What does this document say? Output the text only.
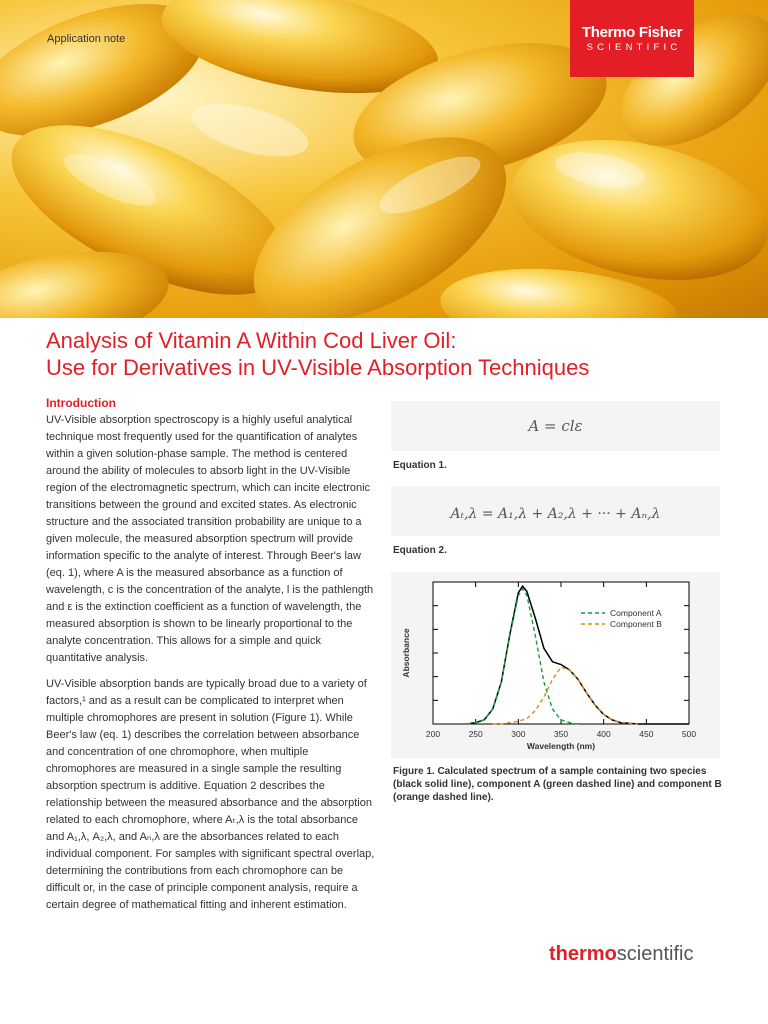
Application note	Thermo Fisher
SCIENTIFIC
Analysis of Vitamin A Within Cod Liver Oil:
Use for Derivatives in UV-Visible Absorption Techniques
Introduction

UV-Visible absorption spectroscopy is a highly useful analytical technique most frequently used for the quantification of analytes within a given solution-phase sample. The method is centered around the ability of molecules to absorb light in the UV-Visible region of the electromagnetic spectrum, which can incite electronic transitions between the ground and excited states. As electronic structure and the associated transition probability are unique to a given molecule, the measured absorption spectrum will provide information specific to the analyte of interest. Through Beer's law (eq. 1), where A is the measured absorbance as a function of wavelength, c is the concentration of the analyte, l is the pathlength and ε is the extinction coefficient as a function of wavelength, the measured absorption is shown to be linearly proportional to the analyte concentration. This allows for a simple and quick quantitative analysis.

UV-Visible absorption bands are typically broad due to a variety of factors,¹ and as a result can be complicated to interpret when multiple chromophores are present in solution (Figure 1). While Beer's law (eq. 1) describes the correlation between absorbance and concentration of one chromophore, when multiple chromophores are measured in a single sample the resulting absorption spectrum is additive. Equation 2 describes the relationship between the measured absorbance and the absorption related to each chromophore, where Aₜ,λ is the total absorbance and A₁,λ, A₂,λ, and Aₙ,λ are the absorbances related to each individual component. For samples with significant spectral overlap, determining the contributions from each chromophore can be difficult or, in the case of principle component analysis, require a certain degree of mathematical fitting and inherent estimation.

A = clε
Equation 1.
Aₜ,λ = A₁,λ + A₂,λ + ··· + Aₙ,λ
Equation 2.
200	250	300	350	400	450	500
Wavelength (nm)
Absorbance
Component A
Component B

Figure 1. Calculated spectrum of a sample containing two species (black solid line), component A (green dashed line) and component B (orange dashed line).

thermoscientific
